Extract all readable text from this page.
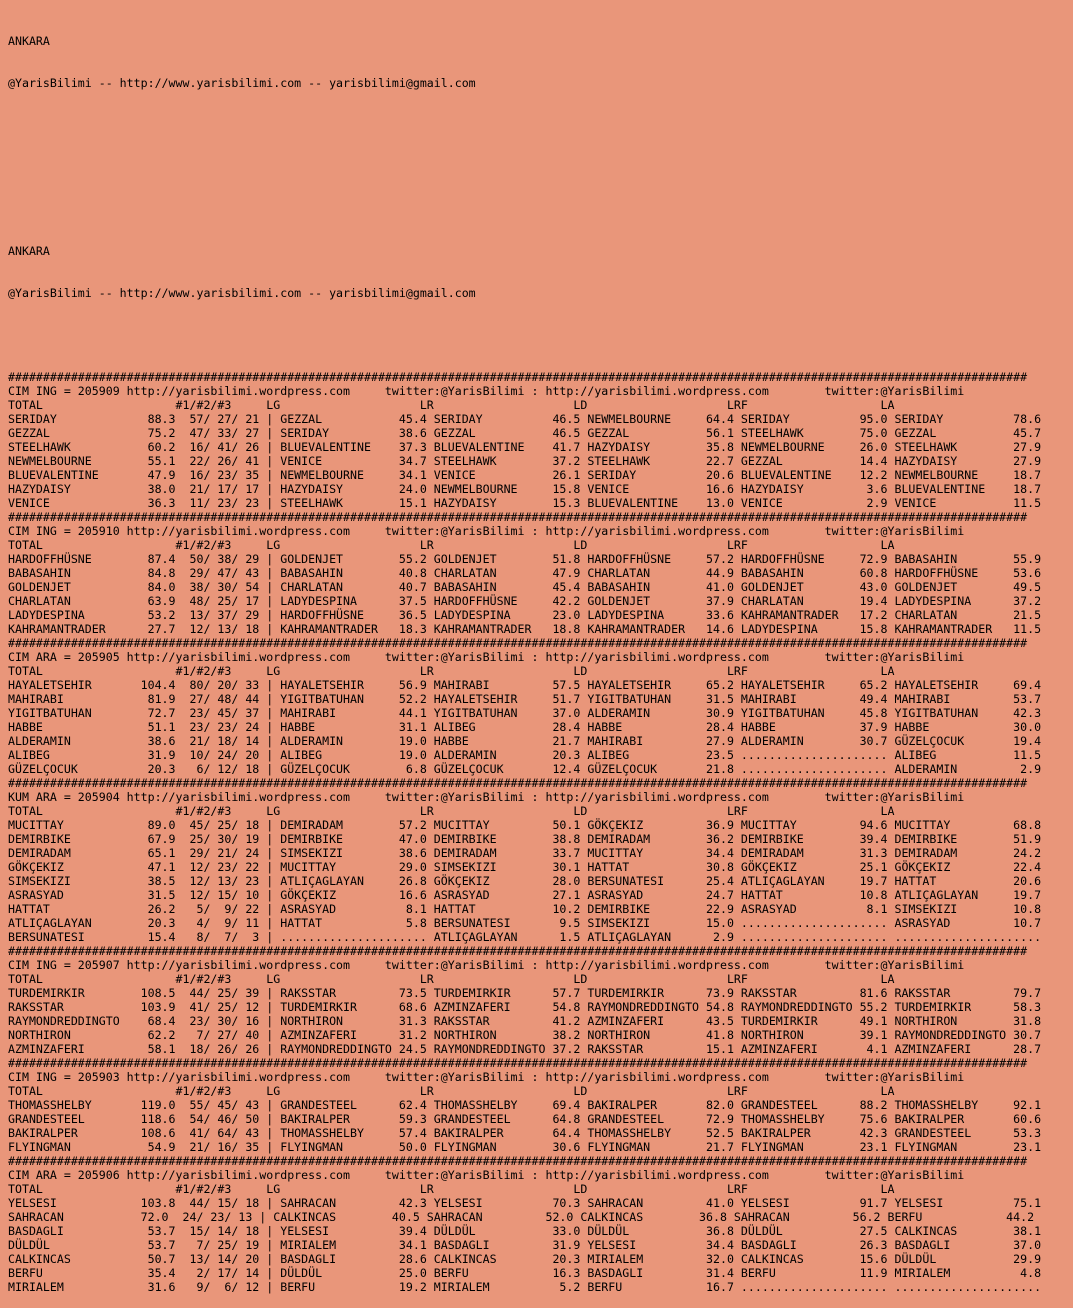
ANKARA

@YarisBilimi -- http://www.yarisbilimi.com -- yarisbilimi@gmail.com

ANKARA

@YarisBilimi -- http://www.yarisbilimi.com -- yarisbilimi@gmail.com

##################################################################################################################################################
CIM ING = 205909 http://yarisbilimi.wordpress.com     twitter:@YarisBilimi : http://yarisbilimi.wordpress.com        twitter:@YarisBilimi
TOTAL                   #1/#2/#3     LG                    LR                    LD                    LRF                   LA
SERIDAY             88.3  57/ 27/ 21 | GEZZAL           45.4 SERIDAY          46.5 NEWMELBOURNE     64.4 SERIDAY          95.0 SERIDAY          78.6
GEZZAL              75.2  47/ 33/ 27 | SERIDAY          38.6 GEZZAL           46.5 GEZZAL           56.1 STEELHAWK        75.0 GEZZAL           45.7
STEELHAWK           60.2  16/ 41/ 26 | BLUEVALENTINE    37.3 BLUEVALENTINE    41.7 HAZYDAISY        35.8 NEWMELBOURNE     26.0 STEELHAWK        27.9
NEWMELBOURNE        55.1  22/ 26/ 41 | VENICE           34.7 STEELHAWK        37.2 STEELHAWK        22.7 GEZZAL           14.4 HAZYDAISY        27.9
BLUEVALENTINE       47.9  16/ 23/ 35 | NEWMELBOURNE     34.1 VENICE           26.1 SERIDAY          20.6 BLUEVALENTINE    12.2 NEWMELBOURNE     18.7
HAZYDAISY           38.0  21/ 17/ 17 | HAZYDAISY        24.0 NEWMELBOURNE     15.8 VENICE           16.6 HAZYDAISY         3.6 BLUEVALENTINE    18.7
VENICE              36.3  11/ 23/ 23 | STEELHAWK        15.1 HAZYDAISY        15.3 BLUEVALENTINE    13.0 VENICE            2.9 VENICE           11.5
##################################################################################################################################################
CIM ING = 205910 http://yarisbilimi.wordpress.com     twitter:@YarisBilimi : http://yarisbilimi.wordpress.com        twitter:@YarisBilimi
TOTAL                   #1/#2/#3     LG                    LR                    LD                    LRF                   LA
HARDOFFHÜSNE        87.4  50/ 38/ 29 | GOLDENJET        55.2 GOLDENJET        51.8 HARDOFFHÜSNE     57.2 HARDOFFHÜSNE     72.9 BABASAHIN        55.9
BABASAHIN           84.8  29/ 47/ 43 | BABASAHIN        40.8 CHARLATAN        47.9 CHARLATAN        44.9 BABASAHIN        60.8 HARDOFFHÜSNE     53.6
GOLDENJET           84.0  38/ 30/ 54 | CHARLATAN        40.7 BABASAHIN        45.4 BABASAHIN        41.0 GOLDENJET        43.0 GOLDENJET        49.5
CHARLATAN           63.9  48/ 25/ 17 | LADYDESPINA      37.5 HARDOFFHÜSNE     42.2 GOLDENJET        37.9 CHARLATAN        19.4 LADYDESPINA      37.2
LADYDESPINA         53.2  13/ 37/ 29 | HARDOFFHÜSNE     36.5 LADYDESPINA      23.0 LADYDESPINA      33.6 KAHRAMANTRADER   17.2 CHARLATAN        21.5
KAHRAMANTRADER      27.7  12/ 13/ 18 | KAHRAMANTRADER   18.3 KAHRAMANTRADER   18.8 KAHRAMANTRADER   14.6 LADYDESPINA      15.8 KAHRAMANTRADER   11.5
##################################################################################################################################################
CIM ARA = 205905 http://yarisbilimi.wordpress.com     twitter:@YarisBilimi : http://yarisbilimi.wordpress.com        twitter:@YarisBilimi
TOTAL                   #1/#2/#3     LG                    LR                    LD                    LRF                   LA
HAYALETSEHIR       104.4  80/ 20/ 33 | HAYALETSEHIR     56.9 MAHIRABI         57.5 HAYALETSEHIR     65.2 HAYALETSEHIR     65.2 HAYALETSEHIR     69.4
MAHIRABI            81.9  27/ 48/ 44 | YIGITBATUHAN     52.2 HAYALETSEHIR     51.7 YIGITBATUHAN     31.5 MAHIRABI         49.4 MAHIRABI         53.7
YIGITBATUHAN        72.7  23/ 45/ 37 | MAHIRABI         44.1 YIGITBATUHAN     37.0 ALDERAMIN        30.9 YIGITBATUHAN     45.8 YIGITBATUHAN     42.3
HABBE               51.1  23/ 23/ 24 | HABBE            31.1 ALIBEG           28.4 HABBE            28.4 HABBE            37.9 HABBE            30.0
ALDERAMIN           38.6  21/ 18/ 14 | ALDERAMIN        19.0 HABBE            21.7 MAHIRABI         27.9 ALDERAMIN        30.7 GÜZELÇOCUK       19.4
ALIBEG              31.9  10/ 24/ 20 | ALIBEG           19.0 ALDERAMIN        20.3 ALIBEG           23.5 ..................... ALIBEG           11.5
GÜZELÇOCUK          20.3   6/ 12/ 18 | GÜZELÇOCUK        6.8 GÜZELÇOCUK       12.4 GÜZELÇOCUK       21.8 ..................... ALDERAMIN         2.9
##################################################################################################################################################
KUM ARA = 205904 http://yarisbilimi.wordpress.com     twitter:@YarisBilimi : http://yarisbilimi.wordpress.com        twitter:@YarisBilimi
TOTAL                   #1/#2/#3     LG                    LR                    LD                    LRF                   LA
MUCITTAY            89.0  45/ 25/ 18 | DEMIRADAM        57.2 MUCITTAY         50.1 GÖKÇEKIZ         36.9 MUCITTAY         94.6 MUCITTAY         68.8
DEMIRBIKE           67.9  25/ 30/ 19 | DEMIRBIKE        47.0 DEMIRBIKE        38.8 DEMIRADAM        36.2 DEMIRBIKE        39.4 DEMIRBIKE        51.9
DEMIRADAM           65.1  29/ 21/ 24 | SIMSEKIZI        38.6 DEMIRADAM        33.7 MUCITTAY         34.4 DEMIRADAM        31.3 DEMIRADAM        24.2
GÖKÇEKIZ            47.1  12/ 23/ 22 | MUCITTAY         29.0 SIMSEKIZI        30.1 HATTAT           30.8 GÖKÇEKIZ         25.1 GÖKÇEKIZ         22.4
SIMSEKIZI           38.5  12/ 13/ 23 | ATLIÇAGLAYAN     26.8 GÖKÇEKIZ         28.0 BERSUNATESI      25.4 ATLIÇAGLAYAN     19.7 HATTAT           20.6
ASRASYAD            31.5  12/ 15/ 10 | GÖKÇEKIZ         16.6 ASRASYAD         27.1 ASRASYAD         24.7 HATTAT           10.8 ATLIÇAGLAYAN     19.7
HATTAT              26.2   5/  9/ 22 | ASRASYAD          8.1 HATTAT           10.2 DEMIRBIKE        22.9 ASRASYAD          8.1 SIMSEKIZI        10.8
ATLIÇAGLAYAN        20.3   4/  9/ 11 | HATTAT            5.8 BERSUNATESI       9.5 SIMSEKIZI        15.0 ..................... ASRASYAD         10.7
BERSUNATESI         15.4   8/  7/  3 | ..................... ATLIÇAGLAYAN      1.5 ATLIÇAGLAYAN      2.9 ..................... .....................
##################################################################################################################################################
CIM ING = 205907 http://yarisbilimi.wordpress.com     twitter:@YarisBilimi : http://yarisbilimi.wordpress.com        twitter:@YarisBilimi
TOTAL                   #1/#2/#3     LG                    LR                    LD                    LRF                   LA
TURDEMIRKIR        108.5  44/ 25/ 39 | RAKSSTAR         73.5 TURDEMIRKIR      57.7 TURDEMIRKIR      73.9 RAKSSTAR         81.6 RAKSSTAR         79.7
RAKSSTAR           103.9  41/ 25/ 12 | TURDEMIRKIR      68.6 AZMINZAFERI      54.8 RAYMONDREDDINGTO 54.8 RAYMONDREDDINGTO 55.2 TURDEMIRKIR      58.3
RAYMONDREDDINGTO    68.4  23/ 30/ 16 | NORTHIRON        31.3 RAKSSTAR         41.2 AZMINZAFERI      43.5 TURDEMIRKIR      49.1 NORTHIRON        31.8
NORTHIRON           62.2   7/ 27/ 40 | AZMINZAFERI      31.2 NORTHIRON        38.2 NORTHIRON        41.8 NORTHIRON        39.1 RAYMONDREDDINGTO 30.7
AZMINZAFERI         58.1  18/ 26/ 26 | RAYMONDREDDINGTO 24.5 RAYMONDREDDINGTO 37.2 RAKSSTAR         15.1 AZMINZAFERI       4.1 AZMINZAFERI      28.7
##################################################################################################################################################
CIM ING = 205903 http://yarisbilimi.wordpress.com     twitter:@YarisBilimi : http://yarisbilimi.wordpress.com        twitter:@YarisBilimi
TOTAL                   #1/#2/#3     LG                    LR                    LD                    LRF                   LA
THOMASSHELBY       119.0  55/ 45/ 43 | GRANDESTEEL      62.4 THOMASSHELBY     69.4 BAKIRALPER       82.0 GRANDESTEEL      88.2 THOMASSHELBY     92.1
GRANDESTEEL        118.6  54/ 46/ 50 | BAKIRALPER       59.3 GRANDESTEEL      64.8 GRANDESTEEL      72.9 THOMASSHELBY     75.6 BAKIRALPER       60.6
BAKIRALPER         108.6  41/ 64/ 43 | THOMASSHELBY     57.4 BAKIRALPER       64.4 THOMASSHELBY     52.5 BAKIRALPER       42.3 GRANDESTEEL      53.3
FLYINGMAN           54.9  21/ 16/ 35 | FLYINGMAN        50.0 FLYINGMAN        30.6 FLYINGMAN        21.7 FLYINGMAN        23.1 FLYINGMAN        23.1
##################################################################################################################################################
CIM ARA = 205906 http://yarisbilimi.wordpress.com     twitter:@YarisBilimi : http://yarisbilimi.wordpress.com        twitter:@YarisBilimi
TOTAL                   #1/#2/#3     LG                    LR                    LD                    LRF                   LA
YELSESI            103.8  44/ 15/ 18 | SAHRACAN         42.3 YELSESI          70.3 SAHRACAN         41.0 YELSESI          91.7 YELSESI          75.1
SAHRACAN           72.0  24/ 23/ 13 | CALKINCAS        40.5 SAHRACAN         52.0 CALKINCAS        36.8 SAHRACAN         56.2 BERFU            44.2
BASDAGLI            53.7  15/ 14/ 18 | YELSESI          39.4 DÜLDÜL           33.0 DÜLDÜL           36.8 DÜLDÜL           27.5 CALKINCAS        38.1
DÜLDÜL              53.7   7/ 25/ 19 | MIRIALEM         34.1 BASDAGLI         31.9 YELSESI          34.4 BASDAGLI         26.3 BASDAGLI         37.0
CALKINCAS           50.7  13/ 14/ 20 | BASDAGLI         28.6 CALKINCAS        20.3 MIRIALEM         32.0 CALKINCAS        15.6 DÜLDÜL           29.9
BERFU               35.4   2/ 17/ 14 | DÜLDÜL           25.0 BERFU            16.3 BASDAGLI         31.4 BERFU            11.9 MIRIALEM          4.8
MIRIALEM            31.6   9/  6/ 12 | BERFU            19.2 MIRIALEM          5.2 BERFU            16.7 ..................... .....................
